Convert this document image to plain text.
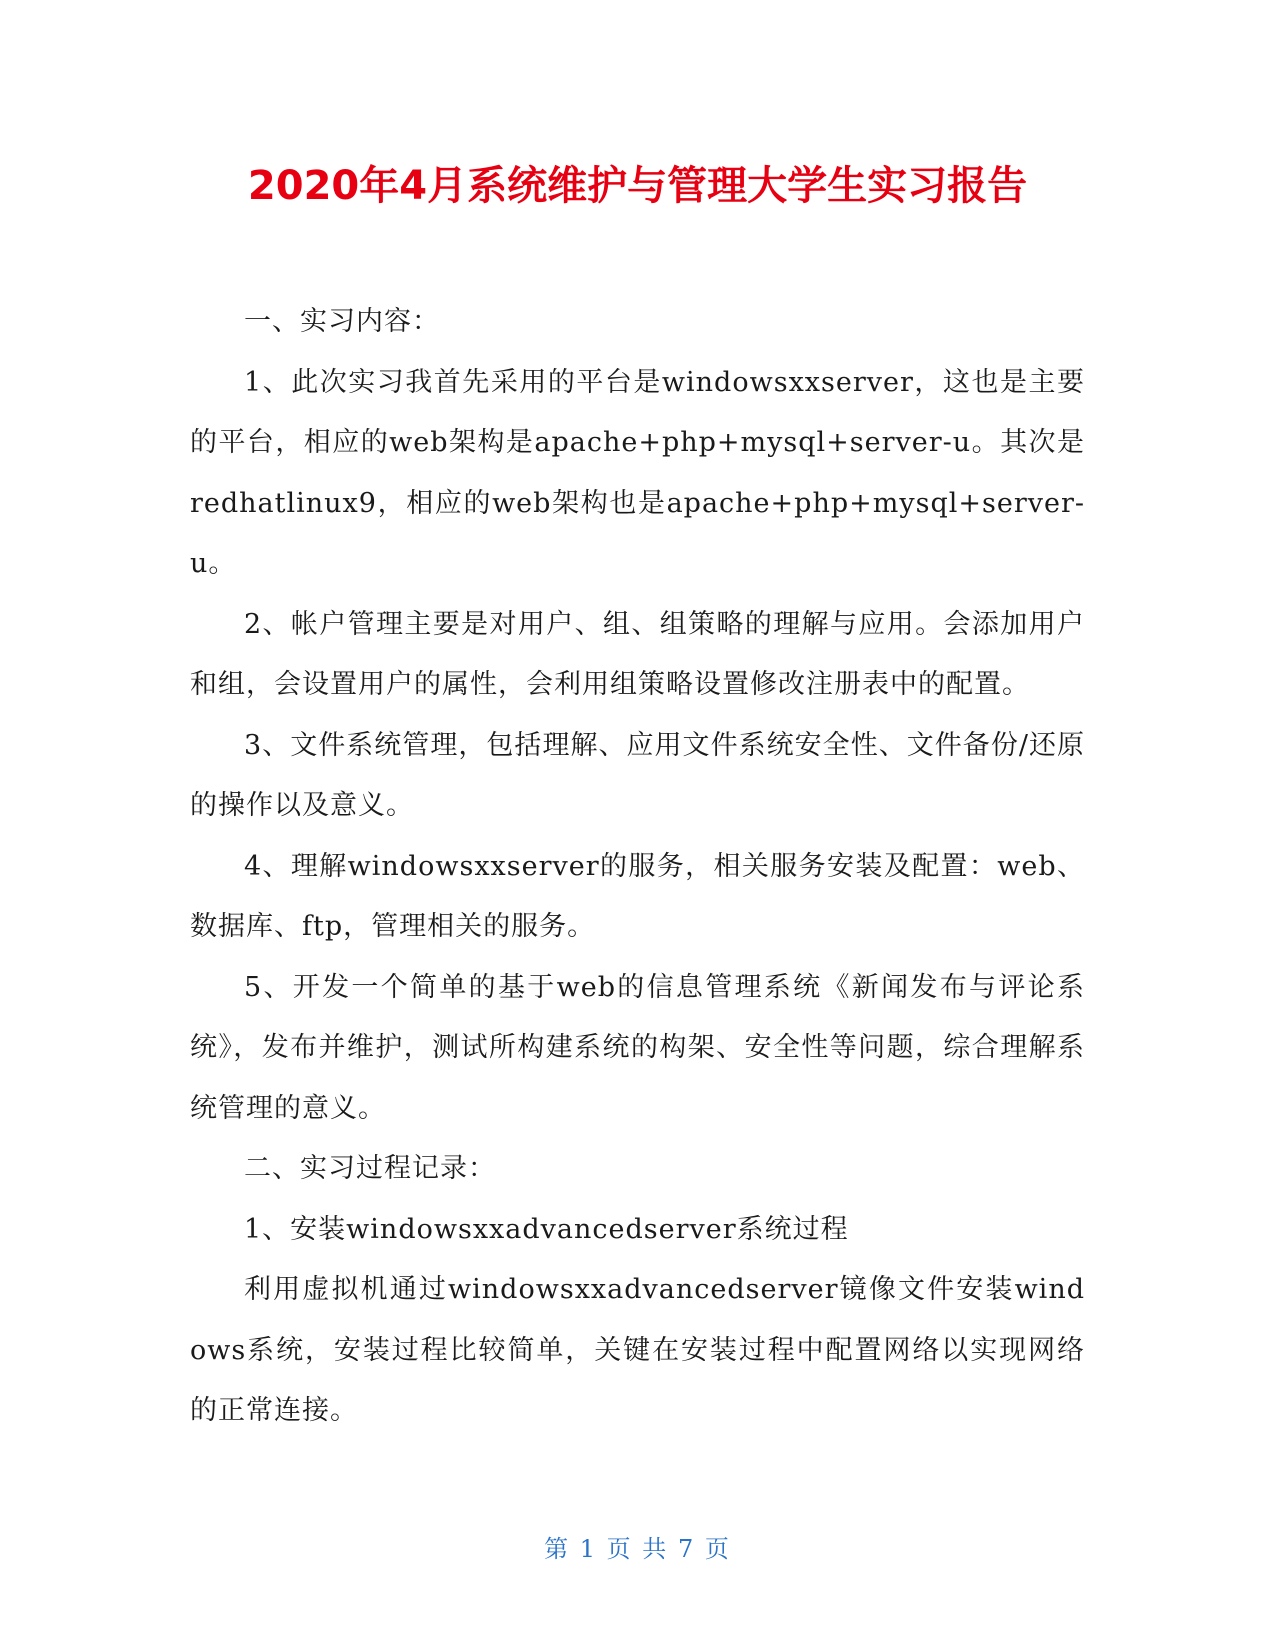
2020年4月系统维护与管理大学生实习报告

一、实习内容：

1、此次实习我首先采用的平台是windowsxxserver，这也是主要的平台，相应的web架构是apache+php+mysql+server-u。其次是redhatlinux9，相应的web架构也是apache+php+mysql+server-u。

2、帐户管理主要是对用户、组、组策略的理解与应用。会添加用户和组，会设置用户的属性，会利用组策略设置修改注册表中的配置。

3、文件系统管理，包括理解、应用文件系统安全性、文件备份/还原的操作以及意义。

4、理解windowsxxserver的服务，相关服务安装及配置：web、数据库、ftp，管理相关的服务。

5、开发一个简单的基于web的信息管理系统《新闻发布与评论系统》，发布并维护，测试所构建系统的构架、安全性等问题，综合理解系统管理的意义。

二、实习过程记录：

1、安装windowsxxadvancedserver系统过程

利用虚拟机通过windowsxxadvancedserver镜像文件安装windows系统，安装过程比较简单，关键在安装过程中配置网络以实现网络的正常连接。

第 1 页 共 7 页
